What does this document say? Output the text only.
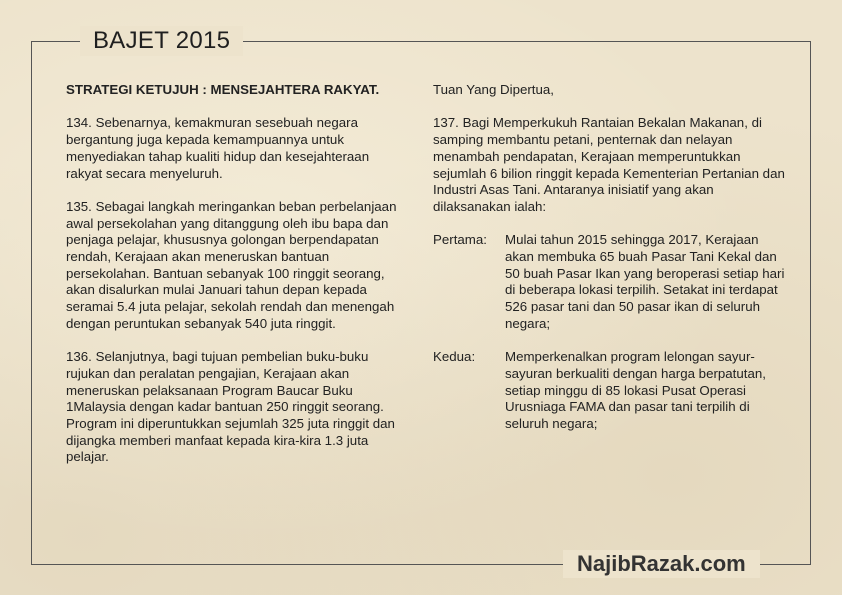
BAJET 2015
STRATEGI KETUJUH : MENSEJAHTERA RAKYAT.

134. Sebenarnya, kemakmuran sesebuah negara bergantung juga kepada kemampuannya untuk menyediakan tahap kualiti hidup dan kesejahteraan rakyat secara menyeluruh.

135. Sebagai langkah meringankan beban perbelanjaan awal persekolahan yang ditanggung oleh ibu bapa dan penjaga pelajar, khususnya golongan berpendapatan rendah, Kerajaan akan meneruskan bantuan persekolahan. Bantuan sebanyak 100 ringgit seorang, akan disalurkan mulai Januari tahun depan kepada seramai 5.4 juta pelajar, sekolah rendah dan menengah dengan peruntukan sebanyak 540 juta ringgit.

136. Selanjutnya, bagi tujuan pembelian buku-buku rujukan dan peralatan pengajian, Kerajaan akan meneruskan pelaksanaan Program Baucar Buku 1Malaysia dengan kadar bantuan 250 ringgit seorang. Program ini diperuntukkan sejumlah 325 juta ringgit dan dijangka memberi manfaat kepada kira-kira 1.3 juta pelajar.

Tuan Yang Dipertua,

137. Bagi Memperkukuh Rantaian Bekalan Makanan, di samping membantu petani, penternak dan nelayan menambah pendapatan, Kerajaan memperuntukkan sejumlah 6 bilion ringgit kepada Kementerian Pertanian dan Industri Asas Tani. Antaranya inisiatif yang akan dilaksanakan ialah:

Pertama:	Mulai tahun 2015 sehingga 2017, Kerajaan akan membuka 65 buah Pasar Tani Kekal dan 50 buah Pasar Ikan yang beroperasi setiap hari di beberapa lokasi terpilih. Setakat ini terdapat 526 pasar tani dan 50 pasar ikan di seluruh negara;
Kedua:	Memperkenalkan program lelongan sayur-sayuran berkualiti dengan harga berpatutan, setiap minggu di 85 lokasi Pusat Operasi Urusniaga FAMA dan pasar tani terpilih di seluruh negara;
NajibRazak.com
